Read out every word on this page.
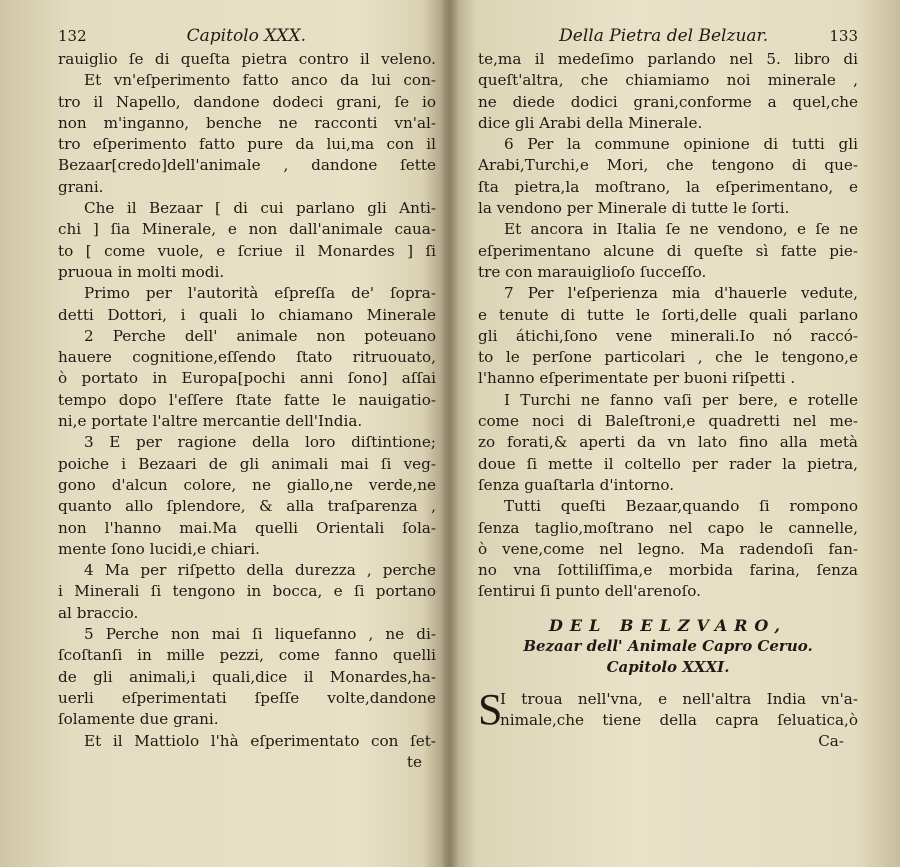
132	Capitolo XXX.
rauiglio ſe di queſta pietra contro il veleno.
Et vn'eſperimento fatto anco da lui con-
tro il Napello, dandone dodeci grani, ſe io
non m'inganno, benche ne racconti vn'al-
tro eſperimento fatto pure da lui,ma con il
Bezaar[credo]dell'animale , dandone ſette
grani.
Che il Bezaar [ di cui parlano gli Anti-
chi ] ſia Minerale, e non dall'animale caua-
to [ come vuole, e ſcriue il Monardes ] ſi
pruoua in molti modi.
Primo per l'autorità eſpreſſa de' ſopra-
detti Dottori, i quali lo chiamano Minerale
2 Perche dell' animale non poteuano
hauere cognitione,eſſendo ſtato ritruouato,
ò portato in Europa[pochi anni ſono] aſſai
tempo dopo l'eſſere ſtate fatte le nauigatio-
ni,e portate l'altre mercantie dell'India.
3 E per ragione della loro diſtintione;
poiche i Bezaari de gli animali mai ſi veg-
gono d'alcun colore, ne giallo,ne verde,ne
quanto allo ſplendore, & alla traſparenza ,
non l'hanno mai.Ma quelli Orientali ſola-
mente ſono lucidi,e chiari.
4 Ma per riſpetto della durezza , perche
i Minerali ſi tengono in bocca, e ſi portano
al braccio.
5 Perche non mai ſi liquefanno , ne di-
ſcoſtanſi in mille pezzi, come fanno quelli
de gli animali,i quali,dice il Monardes,ha-
uerli eſperimentati ſpeſſe volte,dandone
ſolamente due grani.
Et il Mattiolo l'hà eſperimentato con ſet-
te
Della Pietra del Belzuar.	133
te,ma il medeſimo parlando nel 5. libro di
queſt'altra, che chiamiamo noi minerale ,
ne diede dodici grani,conforme a quel,che
dice gli Arabi della Minerale.
6 Per la commune opinione di tutti gli
Arabi,Turchi,e Mori, che tengono di que-
ſta pietra,la moſtrano, la eſperimentano, e
la vendono per Minerale di tutte le ſorti.
Et ancora in Italia ſe ne vendono, e ſe ne
eſperimentano alcune di queſte sì fatte pie-
tre con marauiglioſo ſucceſſo.
7 Per l'eſperienza mia d'hauerle vedute,
e tenute di tutte le ſorti,delle quali parlano
gli átichi,ſono vene minerali.Io nó raccó-
to le perſone particolari , che le tengono,e
l'hanno eſperimentate per buoni riſpetti .
I Turchi ne fanno vaſi per bere, e rotelle
come noci di Baleſtroni,e quadretti nel me-
zo forati,& aperti da vn lato fino alla metà
doue ſi mette il coltello per rader la pietra,
ſenza guaſtarla d'intorno.
Tutti queſti Bezaar,quando ſi rompono
ſenza taglio,moſtrano nel capo le cannelle,
ò vene,come nel legno. Ma radendoſi fan-
no vna ſottiliſſima,e morbida farina, ſenza
ſentirui ſi punto dell'arenoſo.
DEL BELZVARO,
Bezaar dell' Animale Capro Ceruo.
Capitolo XXXI.
S
I troua nell'vna, e nell'altra India vn'a-
nimale,che tiene della capra ſeluatica,ò
Ca-
